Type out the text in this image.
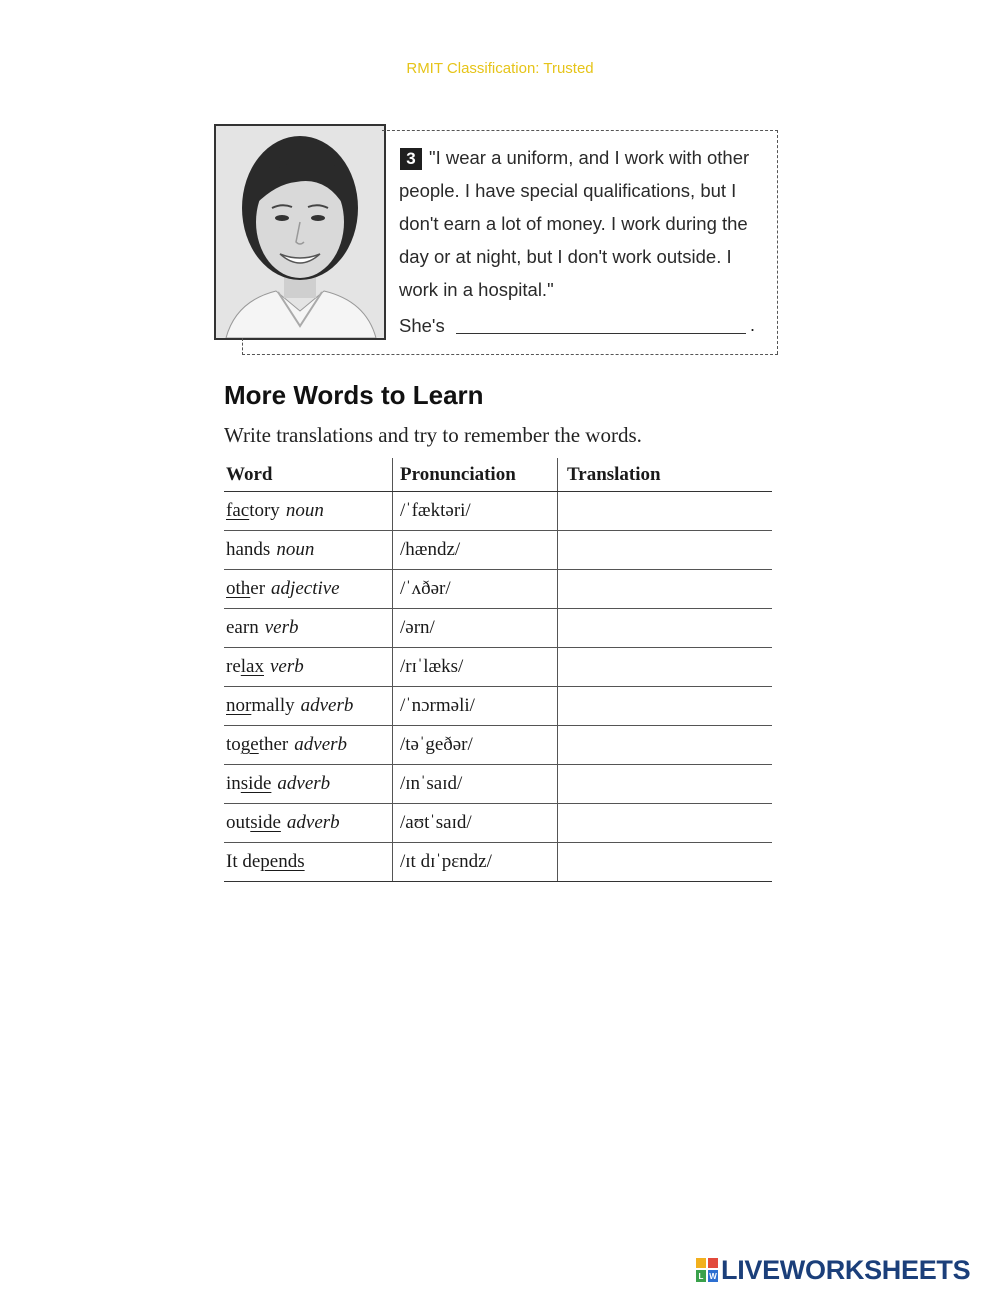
RMIT Classification: Trusted
3 "I wear a uniform, and I work with other people. I have special qualifications, but I don't earn a lot of money. I work during the day or at night, but I don't work outside. I work in a hospital."
She's	.
More Words to Learn
Write translations and try to remember the words.
Word	Pronunciation	Translation
factory noun	/ˈfæktəri/
hands noun	/hændz/
other adjective	/ˈʌðər/
earn verb	/ərn/
relax verb	/rɪˈlæks/
normally adverb /ˈnɔrməli/
together adverb	/təˈgeðər/
inside adverb	/ɪnˈsaɪd/
outside adverb	/aʊtˈsaɪd/
It depends	/ɪt dɪˈpɛndz/
L W LIVEWORKSHEETS
